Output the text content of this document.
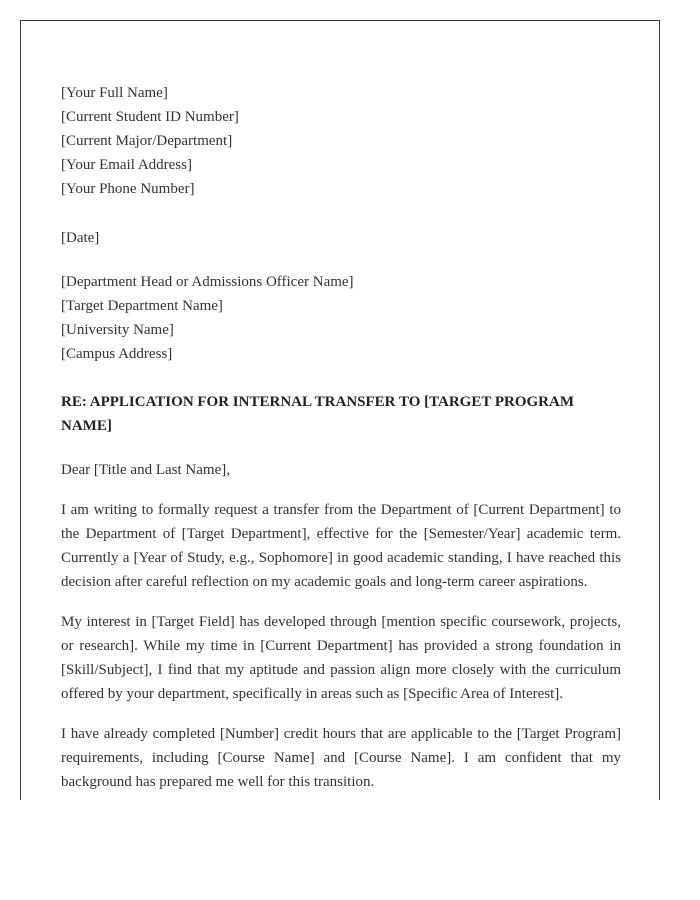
[Your Full Name]
[Current Student ID Number]
[Current Major/Department]
[Your Email Address]
[Your Phone Number]
[Date]
[Department Head or Admissions Officer Name]
[Target Department Name]
[University Name]
[Campus Address]

RE: APPLICATION FOR INTERNAL TRANSFER TO [TARGET PROGRAM NAME]

Dear [Title and Last Name],

I am writing to formally request a transfer from the Department of [Current Department] to the Department of [Target Department], effective for the [Semester/Year] academic term. Currently a [Year of Study, e.g., Sophomore] in good academic standing, I have reached this decision after careful reflection on my academic goals and long-term career aspirations.

My interest in [Target Field] has developed through [mention specific coursework, projects, or research]. While my time in [Current Department] has provided a strong foundation in [Skill/Subject], I find that my aptitude and passion align more closely with the curriculum offered by your department, specifically in areas such as [Specific Area of Interest].

I have already completed [Number] credit hours that are applicable to the [Target Program] requirements, including [Course Name] and [Course Name]. I am confident that my background has prepared me well for this transition.
